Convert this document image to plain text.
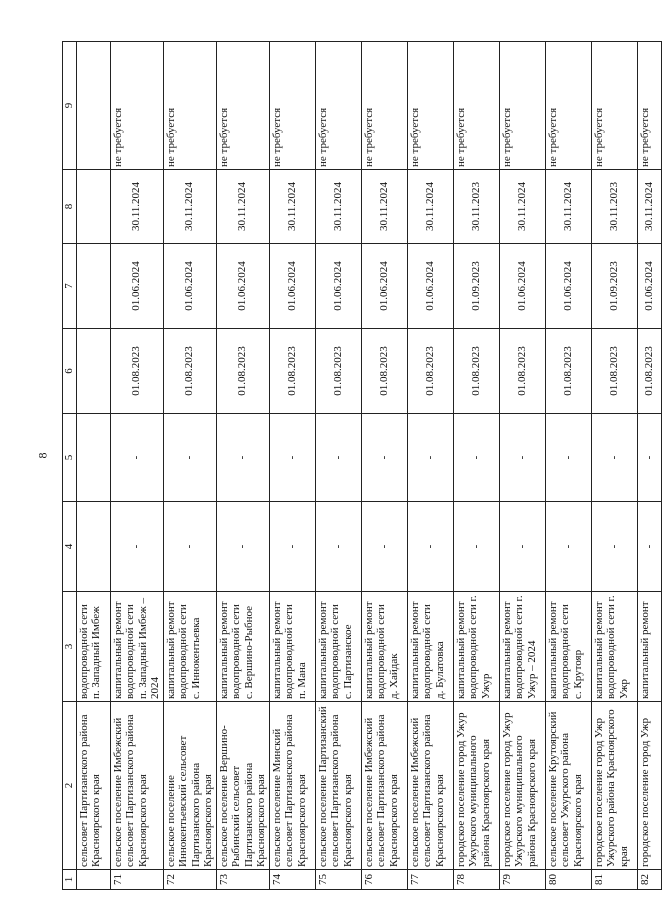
8
1	2	3	4	5	6	7	8	9
	сельсовет Партизанского района Красноярского края	водопроводной сети п. Западный Имбеж						
71	сельское поселение Имбежский сельсовет Партизанского района Красноярского края	капитальный ремонт водопроводной сети п. Западный Имбеж – 2024	-	-	01.08.2023	01.06.2024	30.11.2024	не требуется
72	сельское поселение Иннокентьевский сельсовет Партизанского района Красноярского края	капитальный ремонт водопроводной сети с. Иннокентьевка	-	-	01.08.2023	01.06.2024	30.11.2024	не требуется
73	сельское поселение Вершино-Рыбинский сельсовет Партизанского района Красноярского края	капитальный ремонт водопроводной сети с. Вершино-Рыбное	-	-	01.08.2023	01.06.2024	30.11.2024	не требуется
74	сельское поселение Минский сельсовет Партизанского района Красноярского края	капитальный ремонт водопроводной сети п. Мана	-	-	01.08.2023	01.06.2024	30.11.2024	не требуется
75	сельское поселение Партизанский сельсовет Партизанского района Красноярского края	капитальный ремонт водопроводной сети с. Партизанское	-	-	01.08.2023	01.06.2024	30.11.2024	не требуется
76	сельское поселение Имбежский сельсовет Партизанского района Красноярского края	капитальный ремонт водопроводной сети д. Хайдак	-	-	01.08.2023	01.06.2024	30.11.2024	не требуется
77	сельское поселение Имбежский сельсовет Партизанского района Красноярского края	капитальный ремонт водопроводной сети д. Булатовка	-	-	01.08.2023	01.06.2024	30.11.2024	не требуется
78	городское поселение город Ужур Ужурского муниципального района Красноярского края	капитальный ремонт водопроводной сети г. Ужур	-	-	01.08.2023	01.09.2023	30.11.2023	не требуется
79	городское поселение город Ужур Ужурского муниципального района Красноярского края	капитальный ремонт водопроводной сети г. Ужур – 2024	-	-	01.08.2023	01.06.2024	30.11.2024	не требуется
80	сельское поселение Крутоярский сельсовет Ужурского района Красноярского края	капитальный ремонт водопроводной сети с. Крутояр	-	-	01.08.2023	01.06.2024	30.11.2024	не требуется
81	городское поселение город Ужр Ужурского района Красноярского края	капитальный ремонт водопроводной сети г. Ужр	-	-	01.08.2023	01.09.2023	30.11.2023	не требуется
82	городское поселение город Ужр	капитальный ремонт	-	-	01.08.2023	01.06.2024	30.11.2024	не требуется
